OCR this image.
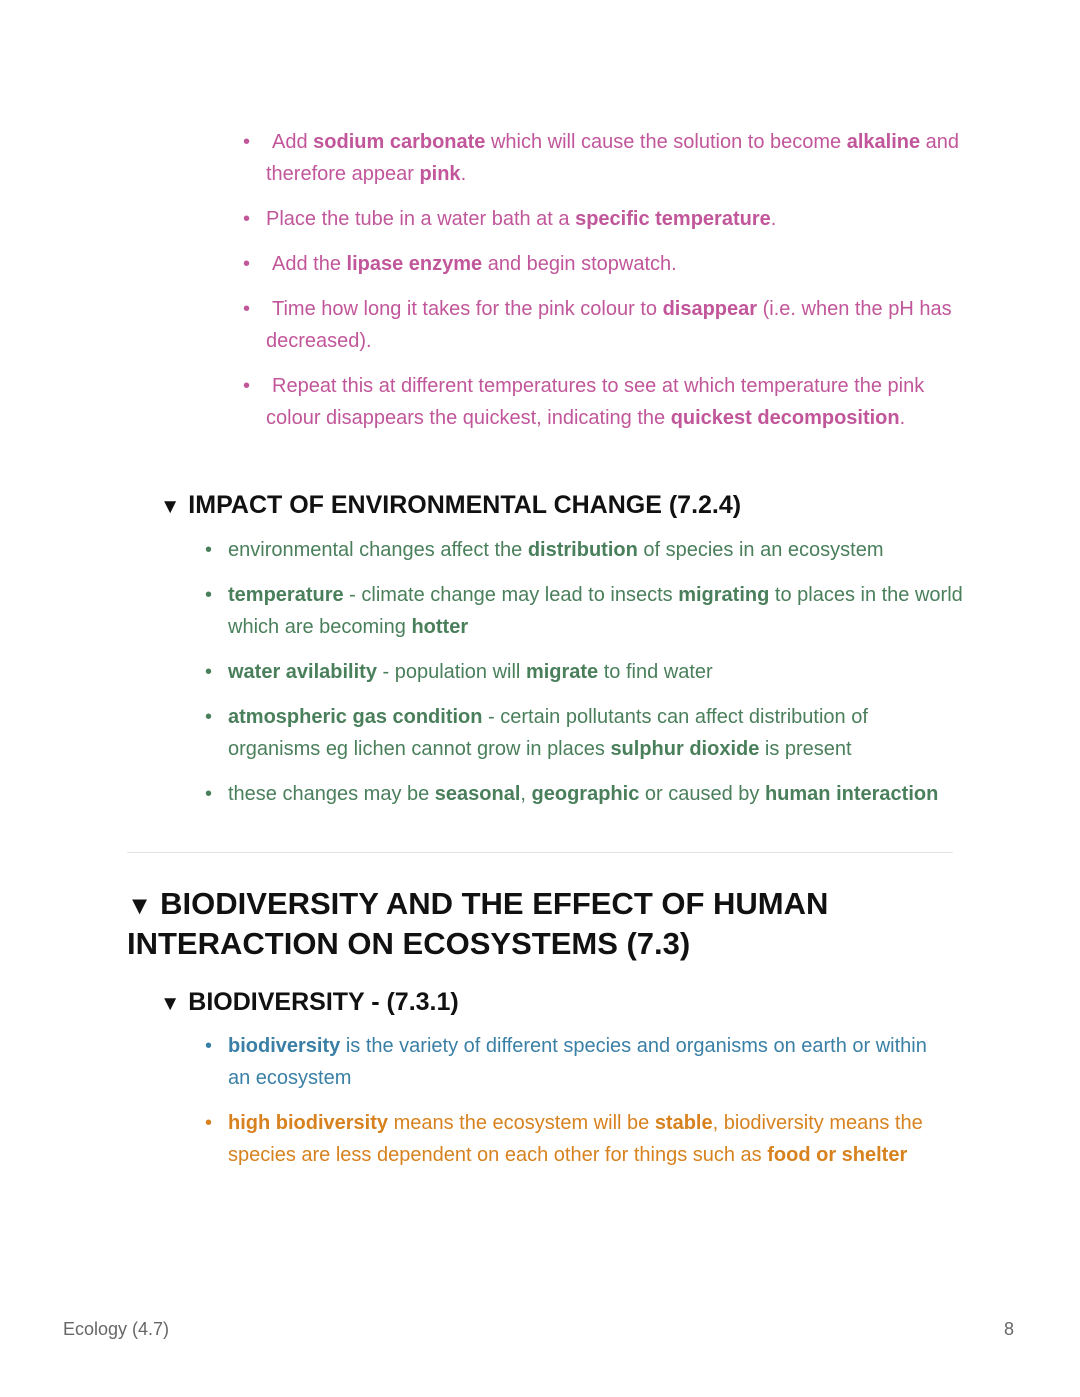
• Add sodium carbonate which will cause the solution to become alkaline and therefore appear pink.
• Place the tube in a water bath at a specific temperature.
• Add the lipase enzyme and begin stopwatch.
• Time how long it takes for the pink colour to disappear (i.e. when the pH has decreased).
• Repeat this at different temperatures to see at which temperature the pink colour disappears the quickest, indicating the quickest decomposition.
▼ IMPACT OF ENVIRONMENTAL CHANGE (7.2.4)
• environmental changes affect the distribution of species in an ecosystem
• temperature - climate change may lead to insects migrating to places in the world which are becoming hotter
• water avilability - population will migrate to find water
• atmospheric gas condition - certain pollutants can affect distribution of organisms eg lichen cannot grow in places sulphur dioxide is present
• these changes may be seasonal, geographic or caused by human interaction
▼ BIODIVERSITY AND THE EFFECT OF HUMAN
INTERACTION ON ECOSYSTEMS (7.3)
▼ BIODIVERSITY - (7.3.1)
• biodiversity is the variety of different species and organisms on earth or within an ecosystem
• high biodiversity means the ecosystem will be stable, biodiversity means the species are less dependent on each other for things such as food or shelter
Ecology (4.7)	8
